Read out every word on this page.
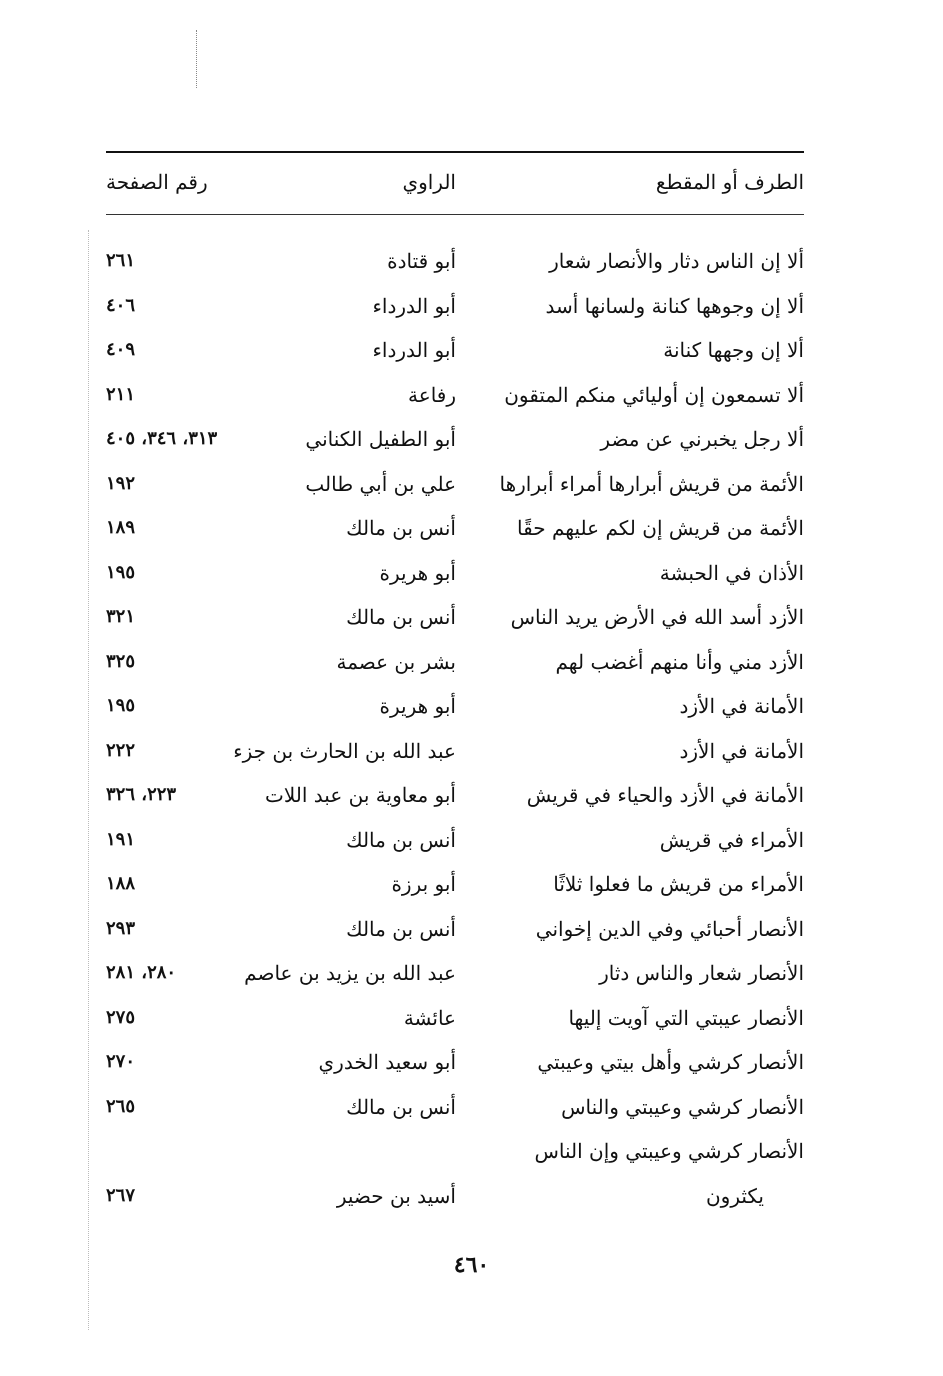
الطرف أو المقطع
الراوي
رقم الصفحة
ألا إن الناس دثار والأنصار شعار
أبو قتادة
٢٦١
ألا إن وجوهها كنانة ولسانها أسد
أبو الدرداء
٤٠٦
ألا إن وجهها كنانة
أبو الدرداء
٤٠٩
ألا تسمعون إن أوليائي منكم المتقون
رفاعة
٢١١
ألا رجل يخبرني عن مضر
أبو الطفيل الكناني
٣١٣، ٣٤٦، ٤٠٥
الأئمة من قريش أبرارها أمراء أبرارها
علي بن أبي طالب
١٩٢
الأئمة من قريش إن لكم عليهم حقًا
أنس بن مالك
١٨٩
الأذان في الحبشة
أبو هريرة
١٩٥
الأزد أسد الله في الأرض يريد الناس
أنس بن مالك
٣٢١
الأزد مني وأنا منهم أغضب لهم
بشر بن عصمة
٣٢٥
الأمانة في الأزد
أبو هريرة
١٩٥
الأمانة في الأزد
عبد الله بن الحارث بن جزء
٢٢٢
الأمانة في الأزد والحياء في قريش
أبو معاوية بن عبد اللات
٢٢٣، ٣٢٦
الأمراء في قريش
أنس بن مالك
١٩١
الأمراء من قريش ما فعلوا ثلاثًا
أبو برزة
١٨٨
الأنصار أحبائي وفي الدين إخواني
أنس بن مالك
٢٩٣
الأنصار شعار والناس دثار
عبد الله بن يزيد بن عاصم
٢٨٠، ٢٨١
الأنصار عيبتي التي آويت إليها
عائشة
٢٧٥
الأنصار كرشي وأهل بيتي وعيبتي
أبو سعيد الخدري
٢٧٠
الأنصار كرشي وعيبتي والناس
أنس بن مالك
٢٦٥
الأنصار كرشي وعيبتي وإن الناس
يكثرون
أسيد بن حضير
٢٦٧
٤٦٠
